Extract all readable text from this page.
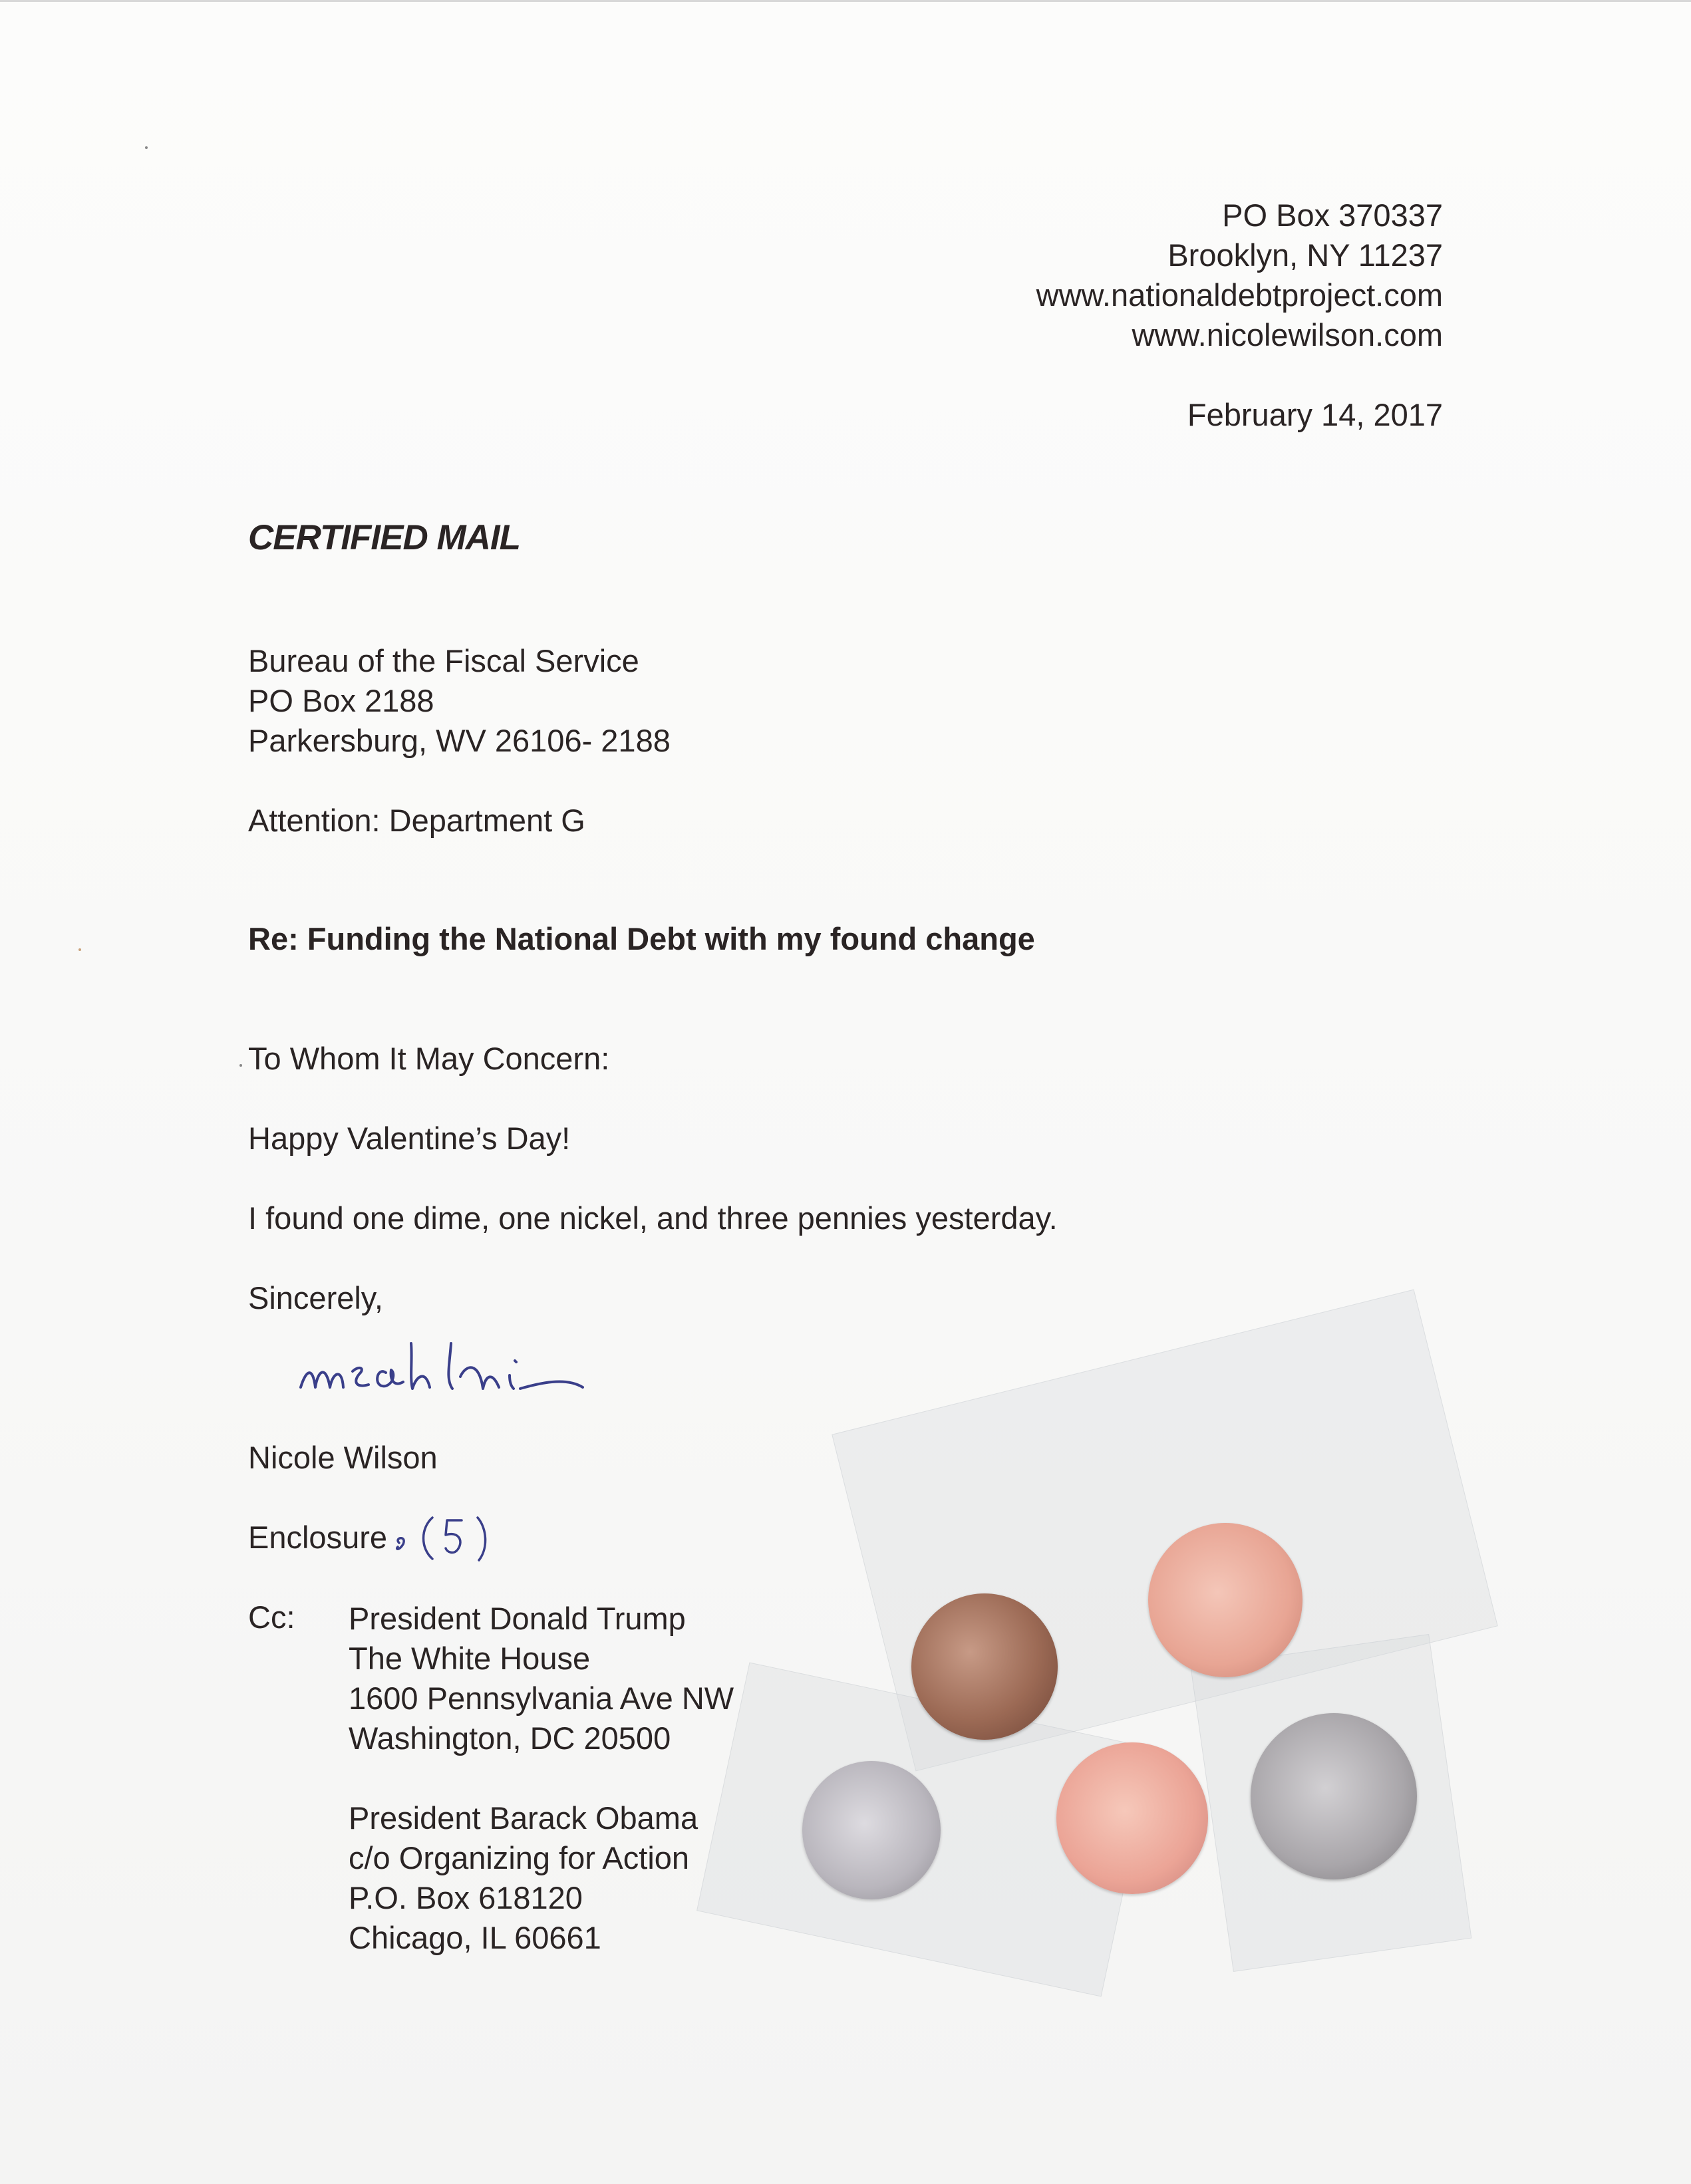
PO Box 370337
Brooklyn, NY 11237
www.nationaldebtproject.com
www.nicolewilson.com
February 14, 2017
CERTIFIED MAIL
Bureau of the Fiscal Service
PO Box 2188
Parkersburg, WV 26106- 2188
Attention: Department G
Re: Funding the National Debt with my found change
To Whom It May Concern:
Happy Valentine’s Day!
I found one dime, one nickel, and three pennies yesterday.
Sincerely,
Nicole Wilson
Enclosure
Cc: President Donald Trump
The White House
1600 Pennsylvania Ave NW
Washington, DC 20500
President Barack Obama
c/o Organizing for Action
P.O. Box 618120
Chicago, IL 60661
